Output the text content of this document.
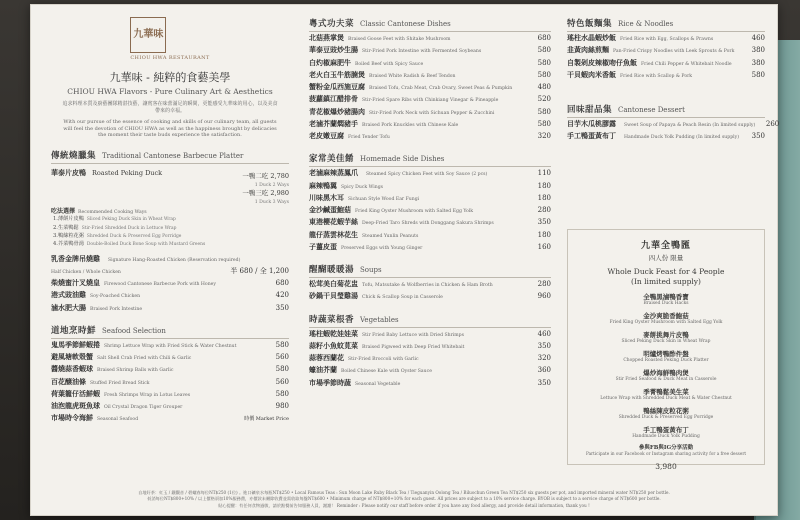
九華味
CHIOU HWA RESTAURANT
九華味 - 純粹的食藝美學
CHIOU HWA Flavors - Pure Culinary Art & Aesthetics
追求料理本質及廚藝團隊精湛技藝，讓賓客在味蕾滿足的瞬間，更能感受九華味的用心，以及美食帶來的幸福。
With our pursue of the essence of cooking and skills of our culinary team, all guests will feel the devotion of CHIOU HWA as well as the happiness brought by delicacies the moment their taste buds experience the satisfaction.
傳統燒臘集 Traditional Cantonese Barbecue Platter
華泰片皮鴨 Roasted Peking Duck	一鴨二吃 2,780
1 Duck 2 Ways
一鴨三吃 2,980
1 Duck 3 Ways
吃法選擇 Recommended Cooking Ways
1.薄餅片皮鴨 Sliced Peking Duck Skin in Wheat Wrap
2.生菜鴨鬆 Stir-Fried Shredded Duck in Lettuce Wrap
3.鴨絲粒花粥 Shredded Duck & Preserved Egg Porridge
4.芥菜鴨骨湯 Double-Boiled Duck Bone Soup with Mustard Greens
乳香金牌吊燒雞 Signature Hang-Roasted Chicken (Reservation required)
Half Chicken / Whole Chicken	半 680 / 全 1,200
柴燒蜜汁叉燒皇 Firewood Cantonese Barbecue Pork with Honey	680
港式豉油雞 Soy-Poached Chicken	420
滷水肥大腸 Braised Pork Intestine	350
道地烹時鮮 Seafood Selection
鬼馬季節鮮蝦捲 Shrimp Lettuce Wrap with Fried Stick & Water Chestnut	580
避風塘軟殼蟹 Salt Shell Crab Fried with Chili & Garlic	560
醬燒蒜香蝦球 Braised Shrimp Balls with Garlic	580
百花醸油條 Stuffed Fried Bread Stick	560
荷葉籠仔活鮮蝦 Fresh Shrimps Wrap in Lotus Leaves	580
油泡龍虎斑魚球 Oil Crystal Dragon Tiger Grouper	980
市場時令海鮮 Seasonal Seafood	時價 Market Price
粵式功夫菜 Classic Cantonese Dishes
北菇燕掌煲 Braised Goose Feet with Shitake Mushroom	680
華泰豆豉炒生腸 Stir-Fried Pork Intestine with Fermented Soybeans	580
白灼椒麻肥牛 Boiled Beef with Spicy Sauce	580
老火白玉牛筋腩煲 Braised White Radish & Beef Tendon	580
蟹粉金瓜西施豆腐 Braised Tofu, Crab Meat, Crab Ovary, Sweet Peas & Pumpkin	480
菠蘿鎮江醋排骨 Stir-Fried Spare Ribs with Chinkiang Vinegar & Pineapple	520
青花椒爆炒豬腸肉 Stir-Fried Pork Neck with Sichuan Pepper & Zucchini	580
老滷芥蘭燜豬手 Braised Pork Knuckles with Chinese Kale	580
老皮嫩豆腐 Fried Tender Tofu	320
家常美佳餚 Homemade Side Dishes
老滷麻辣蒸鳳爪 Steamed Spicy Chicken Feet with Soy Sauce (2 pcs)	110
麻辣鴨翼 Spicy Duck Wings	180
川味黑木耳 Sichuan Style Wood Ear Fungi	180
金沙鹹蛋鮑菇 Fried King Oyster Mushroom with Salted Egg Yolk	280
東港櫻花蝦芋絲 Deep-Fried Taro Shreds with Donggang Sakura Shrimps	350
龍仔蒸雲林花生 Steamed Yunlin Peanuts	180
子薑皮蛋 Preserved Eggs with Young Ginger	160
醒醐暖暖湯 Soups
松茸美白菊花盅 Tofu, Matsutake & Wolfberries in Chicken & Ham Broth	280
砂鍋干貝瑩雞湯 Chick & Scallop Soup in Casserole	960
時蔬菜根香 Vegetables
瑤柱蝦乾娃娃菜 Stir Fried Baby Lettuce with Dried Shrimps	460
蒜籽小魚蚊莧菜 Braised Pigweed with Deep Fried Whitebait	350
蒜蓉西蘭花 Stir-Fried Broccoli with Garlic	320
蠔油芥蘭 Boiled Chinese Kale with Oyster Sauce	360
市場季節時蔬 Seasonal Vegetable	350
特色飯麵集 Rice & Noodles
瑤柱水晶蝦炒飯 Fried Rice with Egg, Scallops & Prawns	460
韭黃肉絲煎麵 Pan-Fried Crispy Noodles with Leek Sprouts & Pork	380
自製剁皮辣椒吻仔魚飯 Fried Chili Pepper & Whitebait Noodle	380
干貝蝦肉米香飯 Fried Rice with Scallop & Pork	580
回味甜品集 Cantonese Dessert
目芋木瓜桃膠露 Sweet Soup of Papaya & Peach Resin (In limited supply)	260
手工鴨蛋黃布丁 Handmade Duck Yolk Pudding (In limited supply)	350
九華全鴨匯
四人份 限量
Whole Duck Feast for 4 People
(In limited supply)
全鴨黑滷鴨香寶
Braised Duck Hacks
金沙爽脆香鮑菇
Fried King Oyster Mushroom with Salted Egg Yolk
麥餅挑舞片皮鴨
Sliced Peking Duck Skin in Wheat Wrap
明爐烤鴨酢件盤
Chopped Roasted Peking Duck Platter
爆炒海鮮鴨肉煲
Stir Fried Seafood & Duck Meat in Casserole
季菁鴨鬆美生菜
Lettuce Wrap with Shredded Duck Meat & Water Chestnut
鴨絲陳皮粒花粥
Shredded Duck & Preserved Egg Porridge
手工鴨蛋黃布丁
Handmade Duck Yolk Pudding
參與FB與IG分享活動
Participate in our Facebook or Instagram sharing activity for a free dessert
3,980
自地好茶：紅玉 / 鐵觀音 / 碧螺春每位NT$250 (1位) 。進口礦泉水每瓶NT$250 • Local Famous Teas : Sun Moon Lake Ruby Black Tea / Tieguanyin Oolong Tea / Biluochun Green Tea NT$250 six guests per pot, and imported mineral water NT$250 per bottle.
低消每位NT$800+10% / 以上價格須加10%服務費，亦價款未刪除收費並需收取每盤NT$600 • Minimum charge of NT$800+10% for each guest. All prices are subject to a 10% service charge. BYOB is subject to a service charge of NT$600 per bottle.
貼心提醒：有任何食物過敏，請於點餐前告知服務人員，謝謝！ Reminder : Please notify our staff before order if you have any food allergy, and provide detail information, thank you !
